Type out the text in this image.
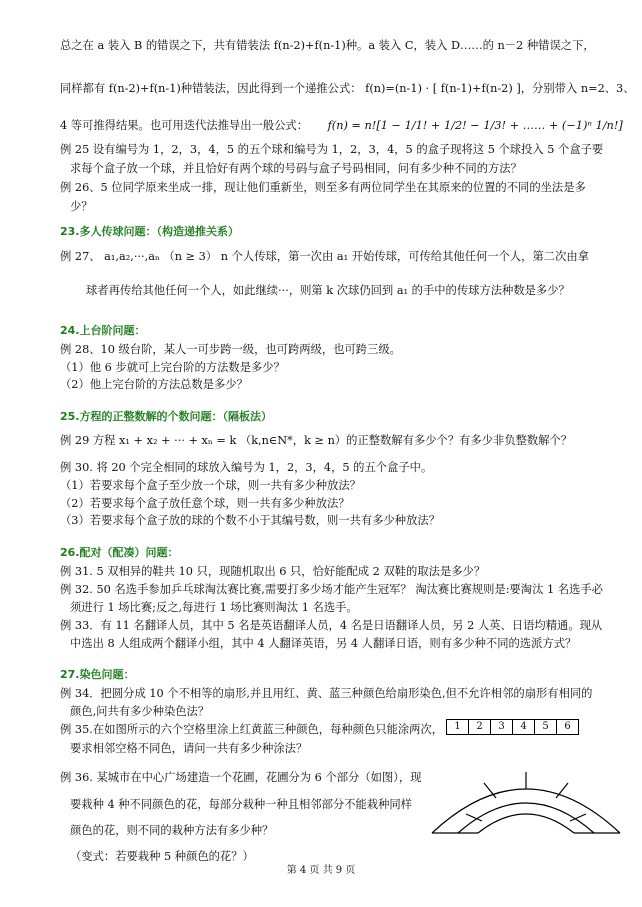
总之在 a 装入 B 的错误之下，共有错装法 f(n-2)+f(n-1)种。a 装入 C，装入 D……的 n－2 种错误之下，
同样都有 f(n-2)+f(n-1)种错装法，因此得到一个递推公式： f(n)=(n-1) · [ f(n-1)+f(n-2) ]，分别带入 n=2、3、
4 等可推得结果。也可用迭代法推导出一般公式： f(n) = n![1 − 1/1! + 1/2! − 1/3! + …… + (−1)ⁿ 1/n!]
例 25 设有编号为 1，2，3，4，5 的五个球和编号为 1，2，3，4，5 的盒子现将这 5 个球投入 5 个盒子要
求每个盒子放一个球，并且恰好有两个球的号码与盒子号码相同，问有多少种不同的方法？
例 26、5 位同学原来坐成一排，现让他们重新坐，则至多有两位同学坐在其原来的位置的不同的坐法是多
少？
23.多人传球问题：（构造递推关系）
例 27、 a₁,a₂,···,aₙ （n ≥ 3） n 个人传球，第一次由 a₁ 开始传球，可传给其他任何一个人，第二次由拿
球者再传给其他任何一个人，如此继续···，则第 k 次球仍回到 a₁ 的手中的传球方法种数是多少？
24.上台阶问题：
例 28、10 级台阶，某人一可步跨一级，也可跨两级，也可跨三级。
（1）他 6 步就可上完台阶的方法数是多少？
（2）他上完台阶的方法总数是多少？
25.方程的正整数解的个数问题：（隔板法）
例 29 方程 x₁ + x₂ + ··· + xₙ = k （k,n∈N*，k ≥ n）的正整数解有多少个？有多少非负整数解个？
例 30. 将 20 个完全相同的球放入编号为 1，2，3，4，5 的五个盒子中。
（1）若要求每个盒子至少放一个球，则一共有多少种放法？
（2）若要求每个盒子放任意个球，则一共有多少种放法？
（3）若要求每个盒子放的球的个数不小于其编号数，则一共有多少种放法？
26.配对（配凑）问题：
例 31. 5 双相异的鞋共 10 只，现随机取出 6 只，恰好能配成 2 双鞋的取法是多少？
例 32. 50 名选手参加乒乓球淘汰赛比赛,需要打多少场才能产生冠军？ 淘汰赛比赛规则是:要淘汰 1 名选手必
须进行 1 场比赛;反之,每进行 1 场比赛则淘汰 1 名选手。
例 33．有 11 名翻译人员，其中 5 名是英语翻译人员，4 名是日语翻译人员，另 2 人英、日语均精通。现从
中选出 8 人组成两个翻译小组，其中 4 人翻译英语，另 4 人翻译日语，则有多少种不同的选派方式？
27.染色问题：
例 34．把圆分成 10 个不相等的扇形,并且用红、黄、蓝三种颜色给扇形染色,但不允许相邻的扇形有相同的
颜色,问共有多少种染色法？
例 35.在如图所示的六个空格里涂上红黄蓝三种颜色，每种颜色只能涂两次，
要求相邻空格不同色，请问一共有多少种涂法？
1	2	3	4	5	6
例 36. 某城市在中心广场建造一个花圃，花圃分为 6 个部分（如图），现
要栽种 4 种不同颜色的花，每部分栽种一种且相邻部分不能栽种同样
颜色的花，则不同的栽种方法有多少种？
（变式：若要栽种 5 种颜色的花？）
第 4 页 共 9 页
